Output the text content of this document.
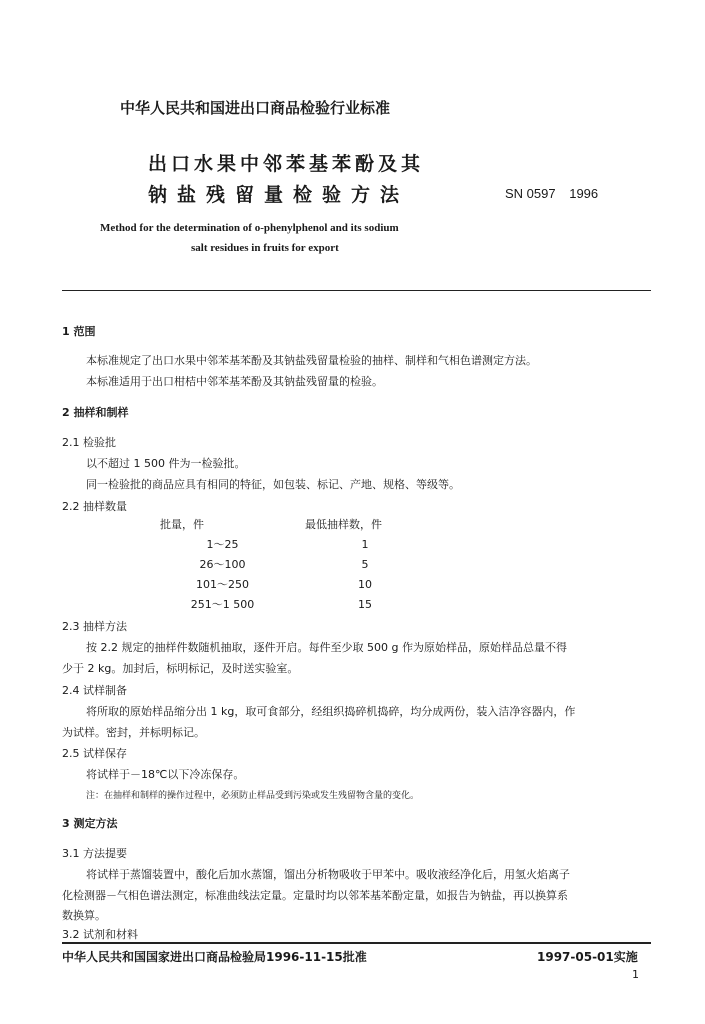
中华人民共和国进出口商品检验行业标准
出口水果中邻苯基苯酚及其
钠盐残留量检验方法	SN 0597 1996
Method for the determination of o-phenylphenol and its sodium
salt residues in fruits for export
1 范围
本标准规定了出口水果中邻苯基苯酚及其钠盐残留量检验的抽样、制样和气相色谱测定方法。
本标准适用于出口柑桔中邻苯基苯酚及其钠盐残留量的检验。
2 抽样和制样
2.1 检验批
以不超过 1 500 件为一检验批。
同一检验批的商品应具有相同的特征，如包装、标记、产地、规格、等级等。
2.2 抽样数量
批量，件	最低抽样数，件
1～25	1
26～100	5
101～250	10
251～1 500	15
2.3 抽样方法
按 2.2 规定的抽样件数随机抽取，逐件开启。每件至少取 500 g 作为原始样品，原始样品总量不得
少于 2 kg。加封后，标明标记，及时送实验室。
2.4 试样制备
将所取的原始样品缩分出 1 kg，取可食部分，经组织捣碎机捣碎，均分成两份，装入洁净容器内，作
为试样。密封，并标明标记。
2.5 试样保存
将试样于－18℃以下冷冻保存。
注：在抽样和制样的操作过程中，必须防止样品受到污染或发生残留物含量的变化。
3 测定方法
3.1 方法提要
将试样于蒸馏装置中，酸化后加水蒸馏，馏出分析物吸收于甲苯中。吸收液经净化后，用氢火焰离子
化检测器－气相色谱法测定，标准曲线法定量。定量时均以邻苯基苯酚定量，如报告为钠盐，再以换算系
数换算。
3.2 试剂和材料
中华人民共和国国家进出口商品检验局1996-11-15批准	1997-05-01实施
1
